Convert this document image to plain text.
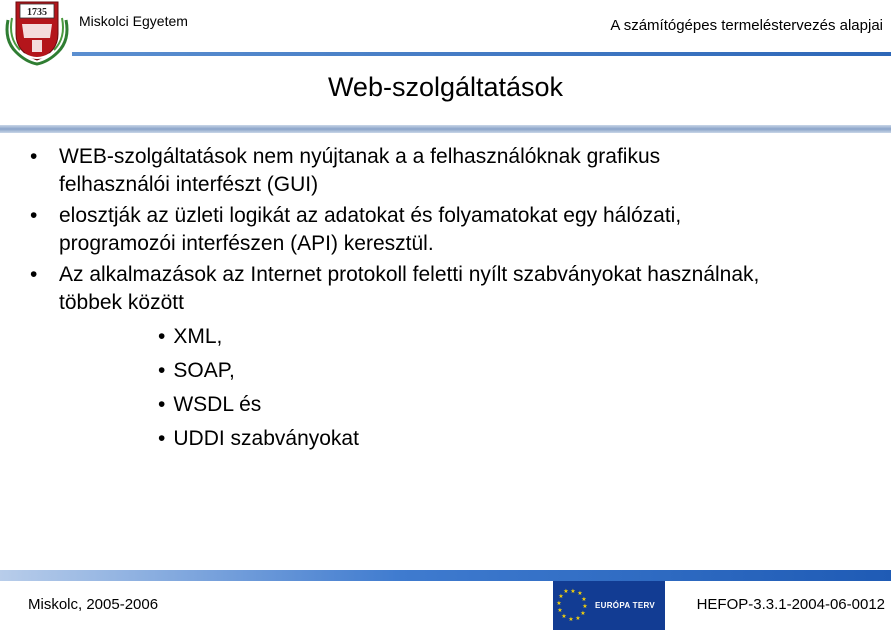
1735
Miskolci Egyetem	A számítógépes termeléstervezés alapjai
Web-szolgáltatások
• WEB-szolgáltatások nem nyújtanak a a felhasználóknak grafikus
felhasználói interfészt (GUI)
• elosztják az üzleti logikát az adatokat és folyamatokat egy hálózati,
programozói interfészen (API) keresztül.
• Az alkalmazások az Internet protokoll feletti nyílt szabványokat használnak,
többek között
• XML,
• SOAP,
• WSDL és
• UDDI szabványokat
Miskolc, 2005-2006
★ ★
★
★
★
★
★
★
★
★
★
★
EURÓPA TERV	HEFOP-3.3.1-2004-06-0012
